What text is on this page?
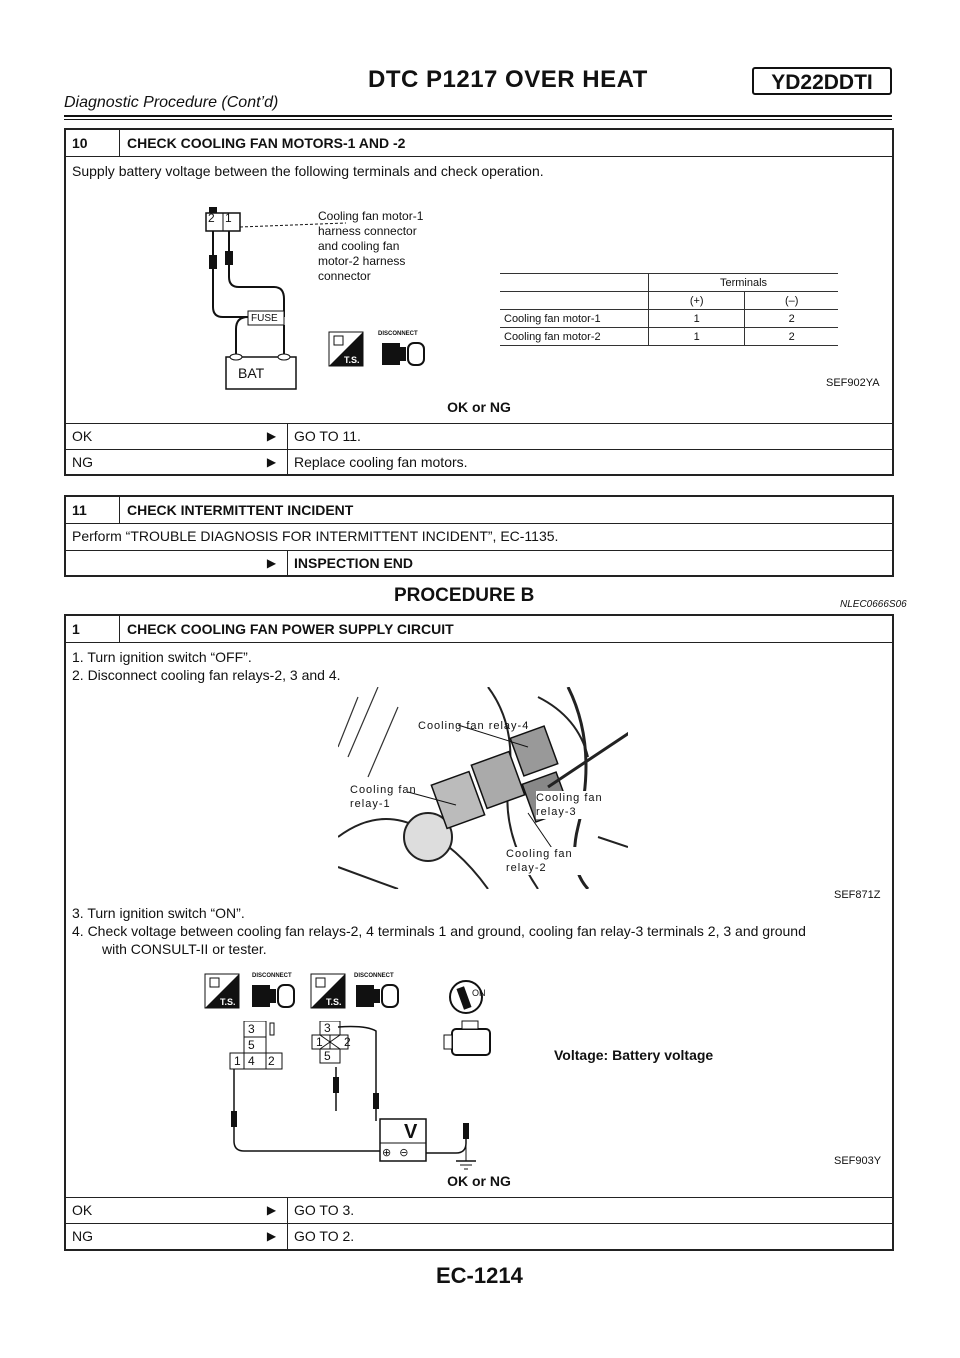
DTC P1217 OVER HEAT	YD22DDTI
Diagnostic Procedure (Cont’d)
10	CHECK COOLING FAN MOTORS-1 AND -2
Supply battery voltage between the following terminals and check operation.
2 1
FUSE
BAT
Cooling fan motor-1
harness connector
and cooling fan
motor-2 harness
connector
T.S.
DISCONNECT
	Terminals	
	(+)	(–)
Cooling fan motor-1	1	2
Cooling fan motor-2	1	2
SEF902YA
OK or NG
OK	▶	GO TO 11.
NG	▶	Replace cooling fan motors.
11	CHECK INTERMITTENT INCIDENT
Perform “TROUBLE DIAGNOSIS FOR INTERMITTENT INCIDENT”, EC-1135.
▶	INSPECTION END
PROCEDURE B	NLEC0666S06
1	CHECK COOLING FAN POWER SUPPLY CIRCUIT
1. Turn ignition switch “OFF”.
2. Disconnect cooling fan relays-2, 3 and 4.
Cooling fan relay-4
Cooling fan relay-1	Cooling fan relay-3
Cooling fan relay-2
SEF871Z
3. Turn ignition switch “ON”.
4. Check voltage between cooling fan relays-2, 4 terminals 1 and ground, cooling fan relay-3 terminals 2, 3 and ground
with CONSULT-II or tester.
T.S.
DISCONNECT
T.S.
DISCONNECT
3
5
1 4 2
3
1 2
5
V
⊕⊖
ON
Voltage: Battery voltage
SEF903Y
OK or NG
OK	▶	GO TO 3.
NG	▶	GO TO 2.
EC-1214
